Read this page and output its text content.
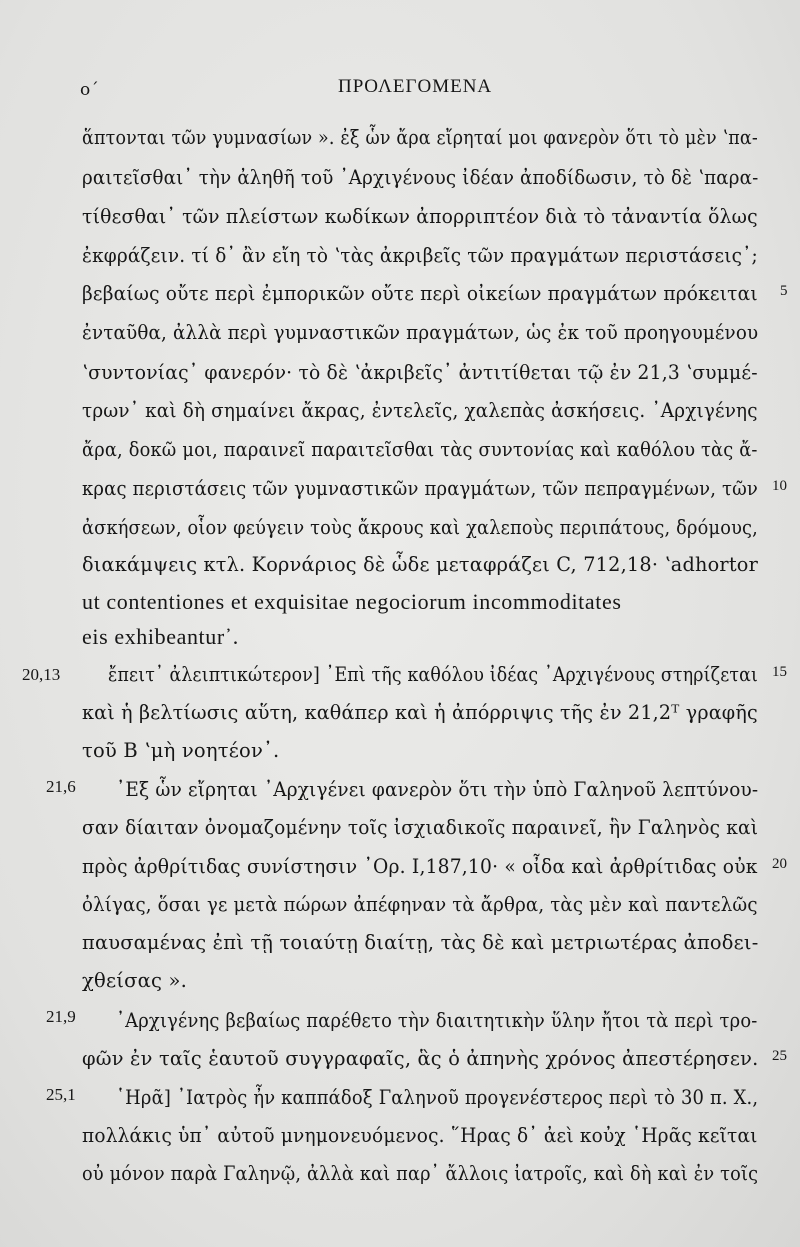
ο´	ΠΡΟΛΕΓΟΜΕΝΑ
ἅπτονται τῶν γυμνασίων ». ἐξ ὧν ἄρα εἴρηταί μοι φανερὸν ὅτι τὸ μὲν ʽπα-
ραιτεῖσθαι᾽ τὴν ἀληθῆ τοῦ ᾽Αρχιγένους ἰδέαν ἀποδίδωσιν, τὸ δὲ ʽπαρα-
τίθεσθαι᾽ τῶν πλείστων κωδίκων ἀπορριπτέον διὰ τὸ τἀναντία ὅλως
ἐκφράζειν. τί δ᾽ ἂν εἴη τὸ ʽτὰς ἀκριβεῖς τῶν πραγμάτων περιστάσεις᾽;
βεβαίως οὔτε περὶ ἐμπορικῶν οὔτε περὶ οἰκείων πραγμάτων πρόκειται
ἐνταῦθα, ἀλλὰ περὶ γυμναστικῶν πραγμάτων, ὡς ἐκ τοῦ προηγουμένου
ʽσυντονίας᾽ φανερόν· τὸ δὲ ʽἀκριβεῖς᾽ ἀντιτίθεται τῷ ἐν 21,3 ʽσυμμέ-
τρων᾽ καὶ δὴ σημαίνει ἄκρας, ἐντελεῖς, χαλεπὰς ἀσκήσεις. ᾽Αρχιγένης
ἄρα, δοκῶ μοι, παραινεῖ παραιτεῖσθαι τὰς συντονίας καὶ καθόλου τὰς ἄ-
κρας περιστάσεις τῶν γυμναστικῶν πραγμάτων, τῶν πεπραγμένων, τῶν
ἀσκήσεων, οἷον φεύγειν τοὺς ἄκρους καὶ χαλεποὺς περιπάτους, δρόμους,
διακάμψεις κτλ. Κορνάριος δὲ ὧδε μεταφράζει C, 712,18· ʽadhortor
ut contentiones et exquisitae negociorum incommoditates
eis exhibeantur᾽.
20,13 ἔπειτ᾽ ἀλειπτικώτερον] ᾽Επὶ τῆς καθόλου ἰδέας ᾽Αρχιγένους στηρίζεται
καὶ ἡ βελτίωσις αὕτη, καθάπερ καὶ ἡ ἀπόρριψις τῆς ἐν 21,2ᵀ γραφῆς
τοῦ Β ʽμὴ νοητέον᾽.
21,6 ᾽Εξ ὧν εἴρηται ᾽Αρχιγένει φανερὸν ὅτι τὴν ὑπὸ Γαληνοῦ λεπτύνου-
σαν δίαιταν ὀνομαζομένην τοῖς ἰσχιαδικοῖς παραινεῖ, ἣν Γαληνὸς καὶ
πρὸς ἀρθρίτιδας συνίστησιν ᾽Ορ. Ι,187,10· « οἶδα καὶ ἀρθρίτιδας οὐκ
ὀλίγας, ὅσαι γε μετὰ πώρων ἀπέφηναν τὰ ἄρθρα, τὰς μὲν καὶ παντελῶς
παυσαμένας ἐπὶ τῇ τοιαύτῃ διαίτῃ, τὰς δὲ καὶ μετριωτέρας ἀποδει-
χθείσας ».
21,9 ᾽Αρχιγένης βεβαίως παρέθετο τὴν διαιτητικὴν ὕλην ἤτοι τὰ περὶ τρο-
φῶν ἐν ταῖς ἑαυτοῦ συγγραφαῖς, ἃς ὁ ἀπηνὴς χρόνος ἀπεστέρησεν.
25,1 ῾Ηρᾶ] ᾽Ιατρὸς ἦν καππάδοξ Γαληνοῦ προγενέστερος περὶ τὸ 30 π. Χ.,
πολλάκις ὑπ᾽ αὐτοῦ μνημονευόμενος. ῞Ηρας δ᾽ ἀεὶ κοὐχ ῾Ηρᾶς κεῖται
οὐ μόνον παρὰ Γαληνῷ, ἀλλὰ καὶ παρ᾽ ἄλλοις ἰατροῖς, καὶ δὴ καὶ ἐν τοῖς
5
10
15
20
25
